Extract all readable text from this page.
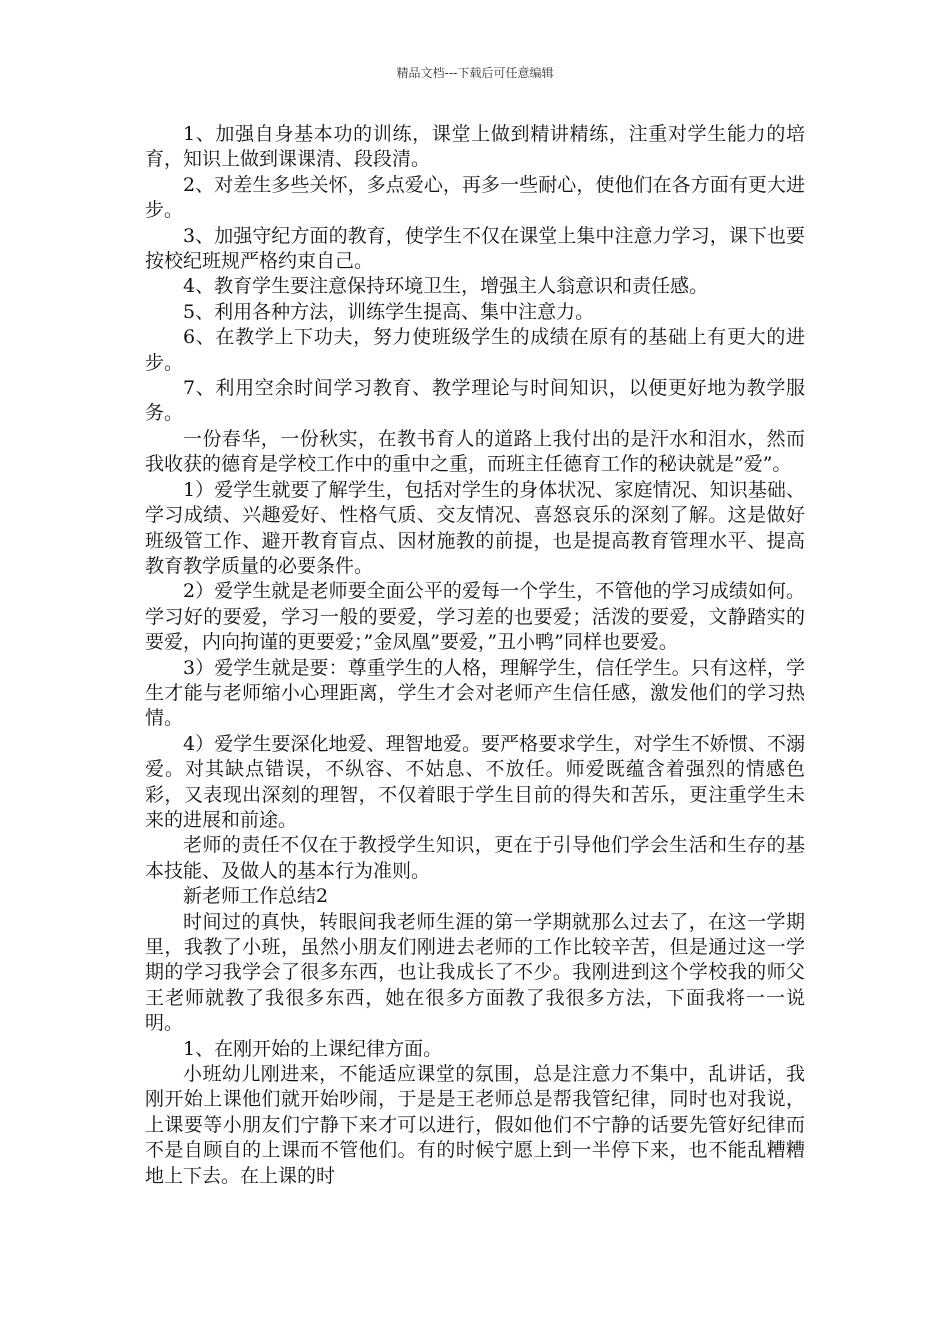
精品文档---下载后可任意编辑

1、加强自身基本功的训练，课堂上做到精讲精练，注重对学生能力的培育，知识上做到课课清、段段清。

2、对差生多些关怀，多点爱心，再多一些耐心，使他们在各方面有更大进步。

3、加强守纪方面的教育，使学生不仅在课堂上集中注意力学习，课下也要按校纪班规严格约束自己。

4、教育学生要注意保持环境卫生，增强主人翁意识和责任感。

5、利用各种方法，训练学生提高、集中注意力。

6、在教学上下功夫，努力使班级学生的成绩在原有的基础上有更大的进步。

7、利用空余时间学习教育、教学理论与时间知识，以便更好地为教学服务。

一份春华，一份秋实，在教书育人的道路上我付出的是汗水和泪水，然而我收获的德育是学校工作中的重中之重，而班主任德育工作的秘诀就是”爱”。

1）爱学生就要了解学生，包括对学生的身体状况、家庭情况、知识基础、学习成绩、兴趣爱好、性格气质、交友情况、喜怒哀乐的深刻了解。这是做好班级管工作、避开教育盲点、因材施教的前提，也是提高教育管理水平、提高教育教学质量的必要条件。

2）爱学生就是老师要全面公平的爱每一个学生，不管他的学习成绩如何。学习好的要爱，学习一般的要爱，学习差的也要爱；活泼的要爱，文静踏实的要爱，内向拘谨的更要爱；”金凤凰”要爱，”丑小鸭”同样也要爱。

3）爱学生就是要：尊重学生的人格，理解学生，信任学生。只有这样，学生才能与老师缩小心理距离，学生才会对老师产生信任感，激发他们的学习热情。

4）爱学生要深化地爱、理智地爱。要严格要求学生，对学生不娇惯、不溺爱。对其缺点错误，不纵容、不姑息、不放任。师爱既蕴含着强烈的情感色彩，又表现出深刻的理智，不仅着眼于学生目前的得失和苦乐，更注重学生未来的进展和前途。

老师的责任不仅在于教授学生知识，更在于引导他们学会生活和生存的基本技能、及做人的基本行为准则。

新老师工作总结2

时间过的真快，转眼间我老师生涯的第一学期就那么过去了，在这一学期里，我教了小班，虽然小朋友们刚进去老师的工作比较辛苦，但是通过这一学期的学习我学会了很多东西，也让我成长了不少。我刚进到这个学校我的师父王老师就教了我很多东西，她在很多方面教了我很多方法，下面我将一一说明。

1、在刚开始的上课纪律方面。

小班幼儿刚进来，不能适应课堂的氛围，总是注意力不集中，乱讲话，我刚开始上课他们就开始吵闹，于是是王老师总是帮我管纪律，同时也对我说，上课要等小朋友们宁静下来才可以进行，假如他们不宁静的话要先管好纪律而不是自顾自的上课而不管他们。有的时候宁愿上到一半停下来，也不能乱糟糟地上下去。在上课的时
